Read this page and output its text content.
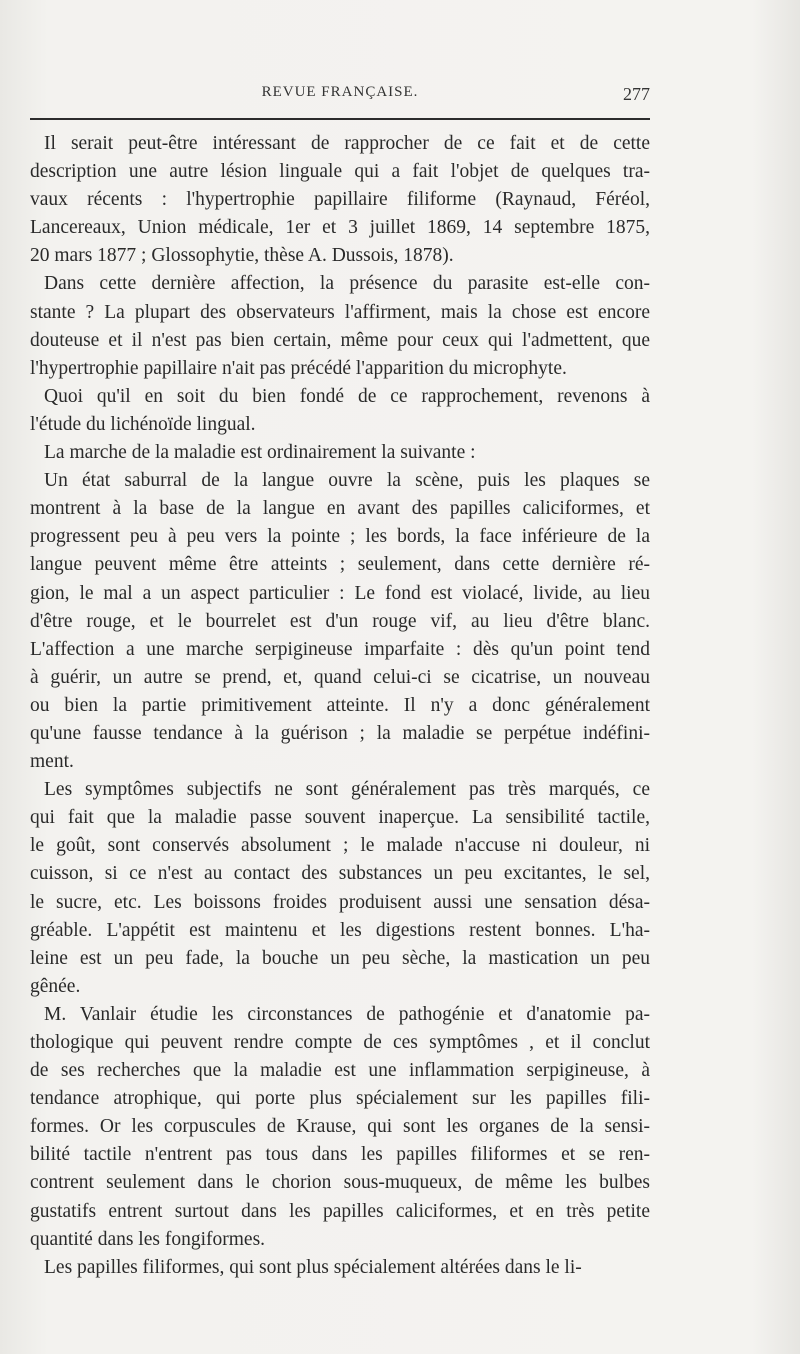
REVUE FRANÇAISE.	277

Il serait peut-être intéressant de rapprocher de ce fait et de cette
description une autre lésion linguale qui a fait l'objet de quelques tra-
vaux récents : l'hypertrophie papillaire filiforme (Raynaud, Féréol,
Lancereaux, Union médicale, 1er et 3 juillet 1869, 14 septembre 1875,
20 mars 1877 ; Glossophytie, thèse A. Dussois, 1878).

Dans cette dernière affection, la présence du parasite est-elle con-
stante ? La plupart des observateurs l'affirment, mais la chose est encore
douteuse et il n'est pas bien certain, même pour ceux qui l'admettent, que
l'hypertrophie papillaire n'ait pas précédé l'apparition du microphyte.

Quoi qu'il en soit du bien fondé de ce rapprochement, revenons à
l'étude du lichénoïde lingual.

La marche de la maladie est ordinairement la suivante :

Un état saburral de la langue ouvre la scène, puis les plaques se
montrent à la base de la langue en avant des papilles caliciformes, et
progressent peu à peu vers la pointe ; les bords, la face inférieure de la
langue peuvent même être atteints ; seulement, dans cette dernière ré-
gion, le mal a un aspect particulier : Le fond est violacé, livide, au lieu
d'être rouge, et le bourrelet est d'un rouge vif, au lieu d'être blanc.
L'affection a une marche serpigineuse imparfaite : dès qu'un point tend
à guérir, un autre se prend, et, quand celui-ci se cicatrise, un nouveau
ou bien la partie primitivement atteinte. Il n'y a donc généralement
qu'une fausse tendance à la guérison ; la maladie se perpétue indéfini-
ment.

Les symptômes subjectifs ne sont généralement pas très marqués, ce
qui fait que la maladie passe souvent inaperçue. La sensibilité tactile,
le goût, sont conservés absolument ; le malade n'accuse ni douleur, ni
cuisson, si ce n'est au contact des substances un peu excitantes, le sel,
le sucre, etc. Les boissons froides produisent aussi une sensation désa-
gréable. L'appétit est maintenu et les digestions restent bonnes. L'ha-
leine est un peu fade, la bouche un peu sèche, la mastication un peu
gênée.

M. Vanlair étudie les circonstances de pathogénie et d'anatomie pa-
thologique qui peuvent rendre compte de ces symptômes , et il conclut
de ses recherches que la maladie est une inflammation serpigineuse, à
tendance atrophique, qui porte plus spécialement sur les papilles fili-
formes. Or les corpuscules de Krause, qui sont les organes de la sensi-
bilité tactile n'entrent pas tous dans les papilles filiformes et se ren-
contrent seulement dans le chorion sous-muqueux, de même les bulbes
gustatifs entrent surtout dans les papilles caliciformes, et en très petite
quantité dans les fongiformes.

Les papilles filiformes, qui sont plus spécialement altérées dans le li-
